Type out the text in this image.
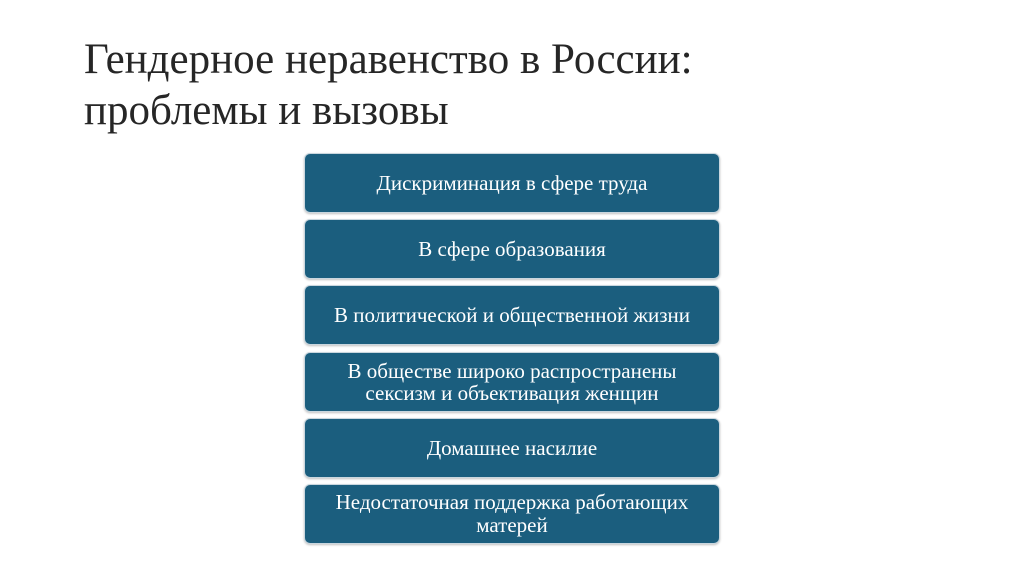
Гендерное неравенство в России:
проблемы и вызовы
Дискриминация в сфере труда
В сфере образования
В политической и общественной жизни
В обществе широко распространены сексизм и объективация женщин
Домашнее насилие
Недостаточная поддержка работающих матерей
